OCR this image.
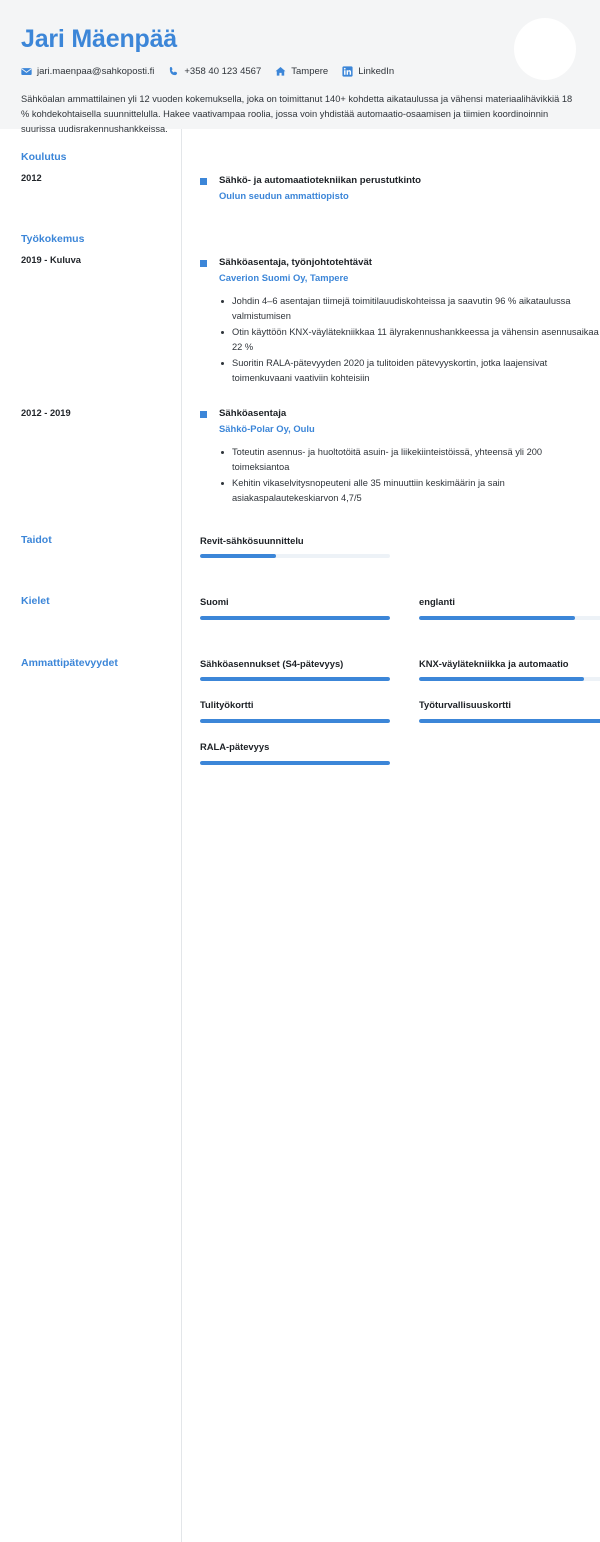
Jari Mäenpää
jari.maenpaa@sahkoposti.fi	+358 40 123 4567	Tampere	LinkedIn
Sähköalan ammattilainen yli 12 vuoden kokemuksella, joka on toimittanut 140+ kohdetta aikataulussa ja vähensi materiaalihävikkiä 18 % kohdekohtaisella suunnittelulla. Hakee vaativampaa roolia, jossa voin yhdistää automaatio-osaamisen ja tiimien koordinoinnin suurissa uudisrakennushankkeissa.
Koulutus
2012	Sähkö- ja automaatiotekniikan perustutkinto
Oulun seudun ammattiopisto
Työkokemus
2019 - Kuluva	Sähköasentaja, työnjohtotehtävät
Caverion Suomi Oy, Tampere
Johdin 4–6 asentajan tiimejä toimitilauudiskohteissa ja saavutin 96 % aikataulussa valmistumisen
Otin käyttöön KNX-väylätekniikkaa 11 älyrakennushankkeessa ja vähensin asennusaikaa 22 %
Suoritin RALA-pätevyyden 2020 ja tulitoiden pätevyyskortin, jotka laajensivat toimenkuvaani vaativiin kohteisiin
2012 - 2019	Sähköasentaja
Sähkö-Polar Oy, Oulu
Toteutin asennus- ja huoltotöitä asuin- ja liikekiinteistöissä, yhteensä yli 200 toimeksiantoa
Kehitin vikaselvitysnopeuteni alle 35 minuuttiin keskimäärin ja sain asiakaspalautekeskiarvon 4,7/5
Taidot	Revit-sähkösuunnittelu
Kielet	Suomi	englanti
Ammattipätevyydet	Sähköasennukset (S4-pätevyys)	KNX-väylätekniikka ja automaatio
Tulityökortti	Työturvallisuuskortti
RALA-pätevyys
